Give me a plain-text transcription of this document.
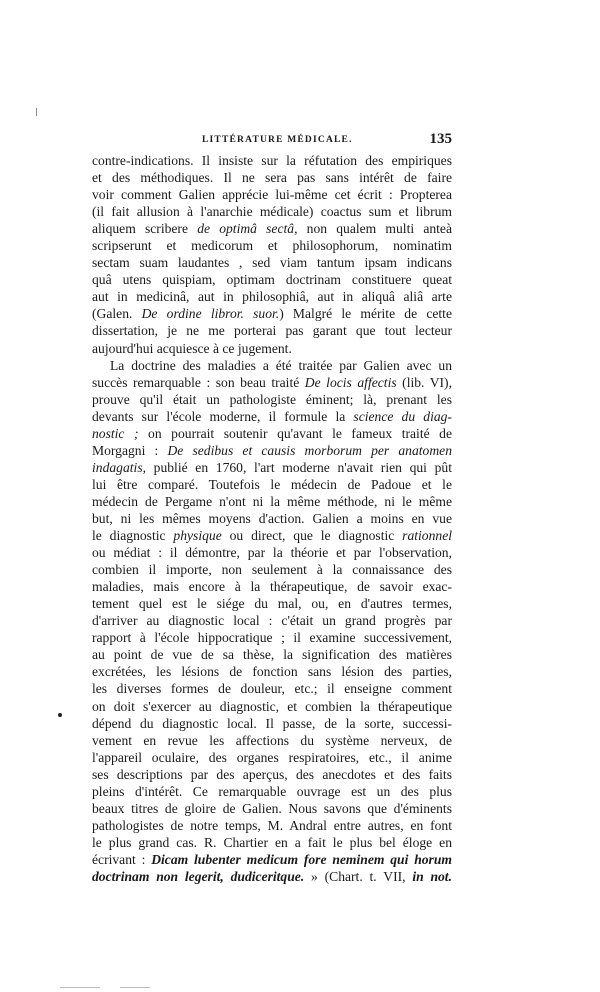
LITTÉRATURE MÉDICALE.	135
contre-indications. Il insiste sur la réfutation des empiriques
et des méthodiques. Il ne sera pas sans intérêt de faire
voir comment Galien apprécie lui-même cet écrit : Propterea
(il fait allusion à l'anarchie médicale) coactus sum et librum
aliquem scribere de optimâ sectâ, non qualem multi anteà
scripserunt et medicorum et philosophorum, nominatim
sectam suam laudantes , sed viam tantum ipsam indicans
quâ utens quispiam, optimam doctrinam constituere queat
aut in medicinâ, aut in philosophiâ, aut in aliquâ aliâ arte
(Galen. De ordine libror. suor.) Malgré le mérite de cette
dissertation, je ne me porterai pas garant que tout lecteur
aujourd'hui acquiesce à ce jugement.
La doctrine des maladies a été traitée par Galien avec un
succès remarquable : son beau traité De locis affectis (lib. VI),
prouve qu'il était un pathologiste éminent; là, prenant les
devants sur l'école moderne, il formule la science du diag-
nostic ; on pourrait soutenir qu'avant le fameux traité de
Morgagni : De sedibus et causis morborum per anatomen
indagatis, publié en 1760, l'art moderne n'avait rien qui pût
lui être comparé. Toutefois le médecin de Padoue et le
médecin de Pergame n'ont ni la même méthode, ni le même
but, ni les mêmes moyens d'action. Galien a moins en vue
le diagnostic physique ou direct, que le diagnostic rationnel
ou médiat : il démontre, par la théorie et par l'observation,
combien il importe, non seulement à la connaissance des
maladies, mais encore à la thérapeutique, de savoir exac-
tement quel est le siége du mal, ou, en d'autres termes,
d'arriver au diagnostic local : c'était un grand progrès par
rapport à l'école hippocratique ; il examine successivement,
au point de vue de sa thèse, la signification des matières
excrétées, les lésions de fonction sans lésion des parties,
les diverses formes de douleur, etc.; il enseigne comment
on doit s'exercer au diagnostic, et combien la thérapeutique
dépend du diagnostic local. Il passe, de la sorte, successi-
vement en revue les affections du système nerveux, de
l'appareil oculaire, des organes respiratoires, etc., il anime
ses descriptions par des aperçus, des anecdotes et des faits
pleins d'intérêt. Ce remarquable ouvrage est un des plus
beaux titres de gloire de Galien. Nous savons que d'éminents
pathologistes de notre temps, M. Andral entre autres, en font
le plus grand cas. R. Chartier en a fait le plus bel éloge en
écrivant : Dicam lubenter medicum fore neminem qui horum
doctrinam non legerit, dudiceritque. » (Chart. t. VII, in not.
